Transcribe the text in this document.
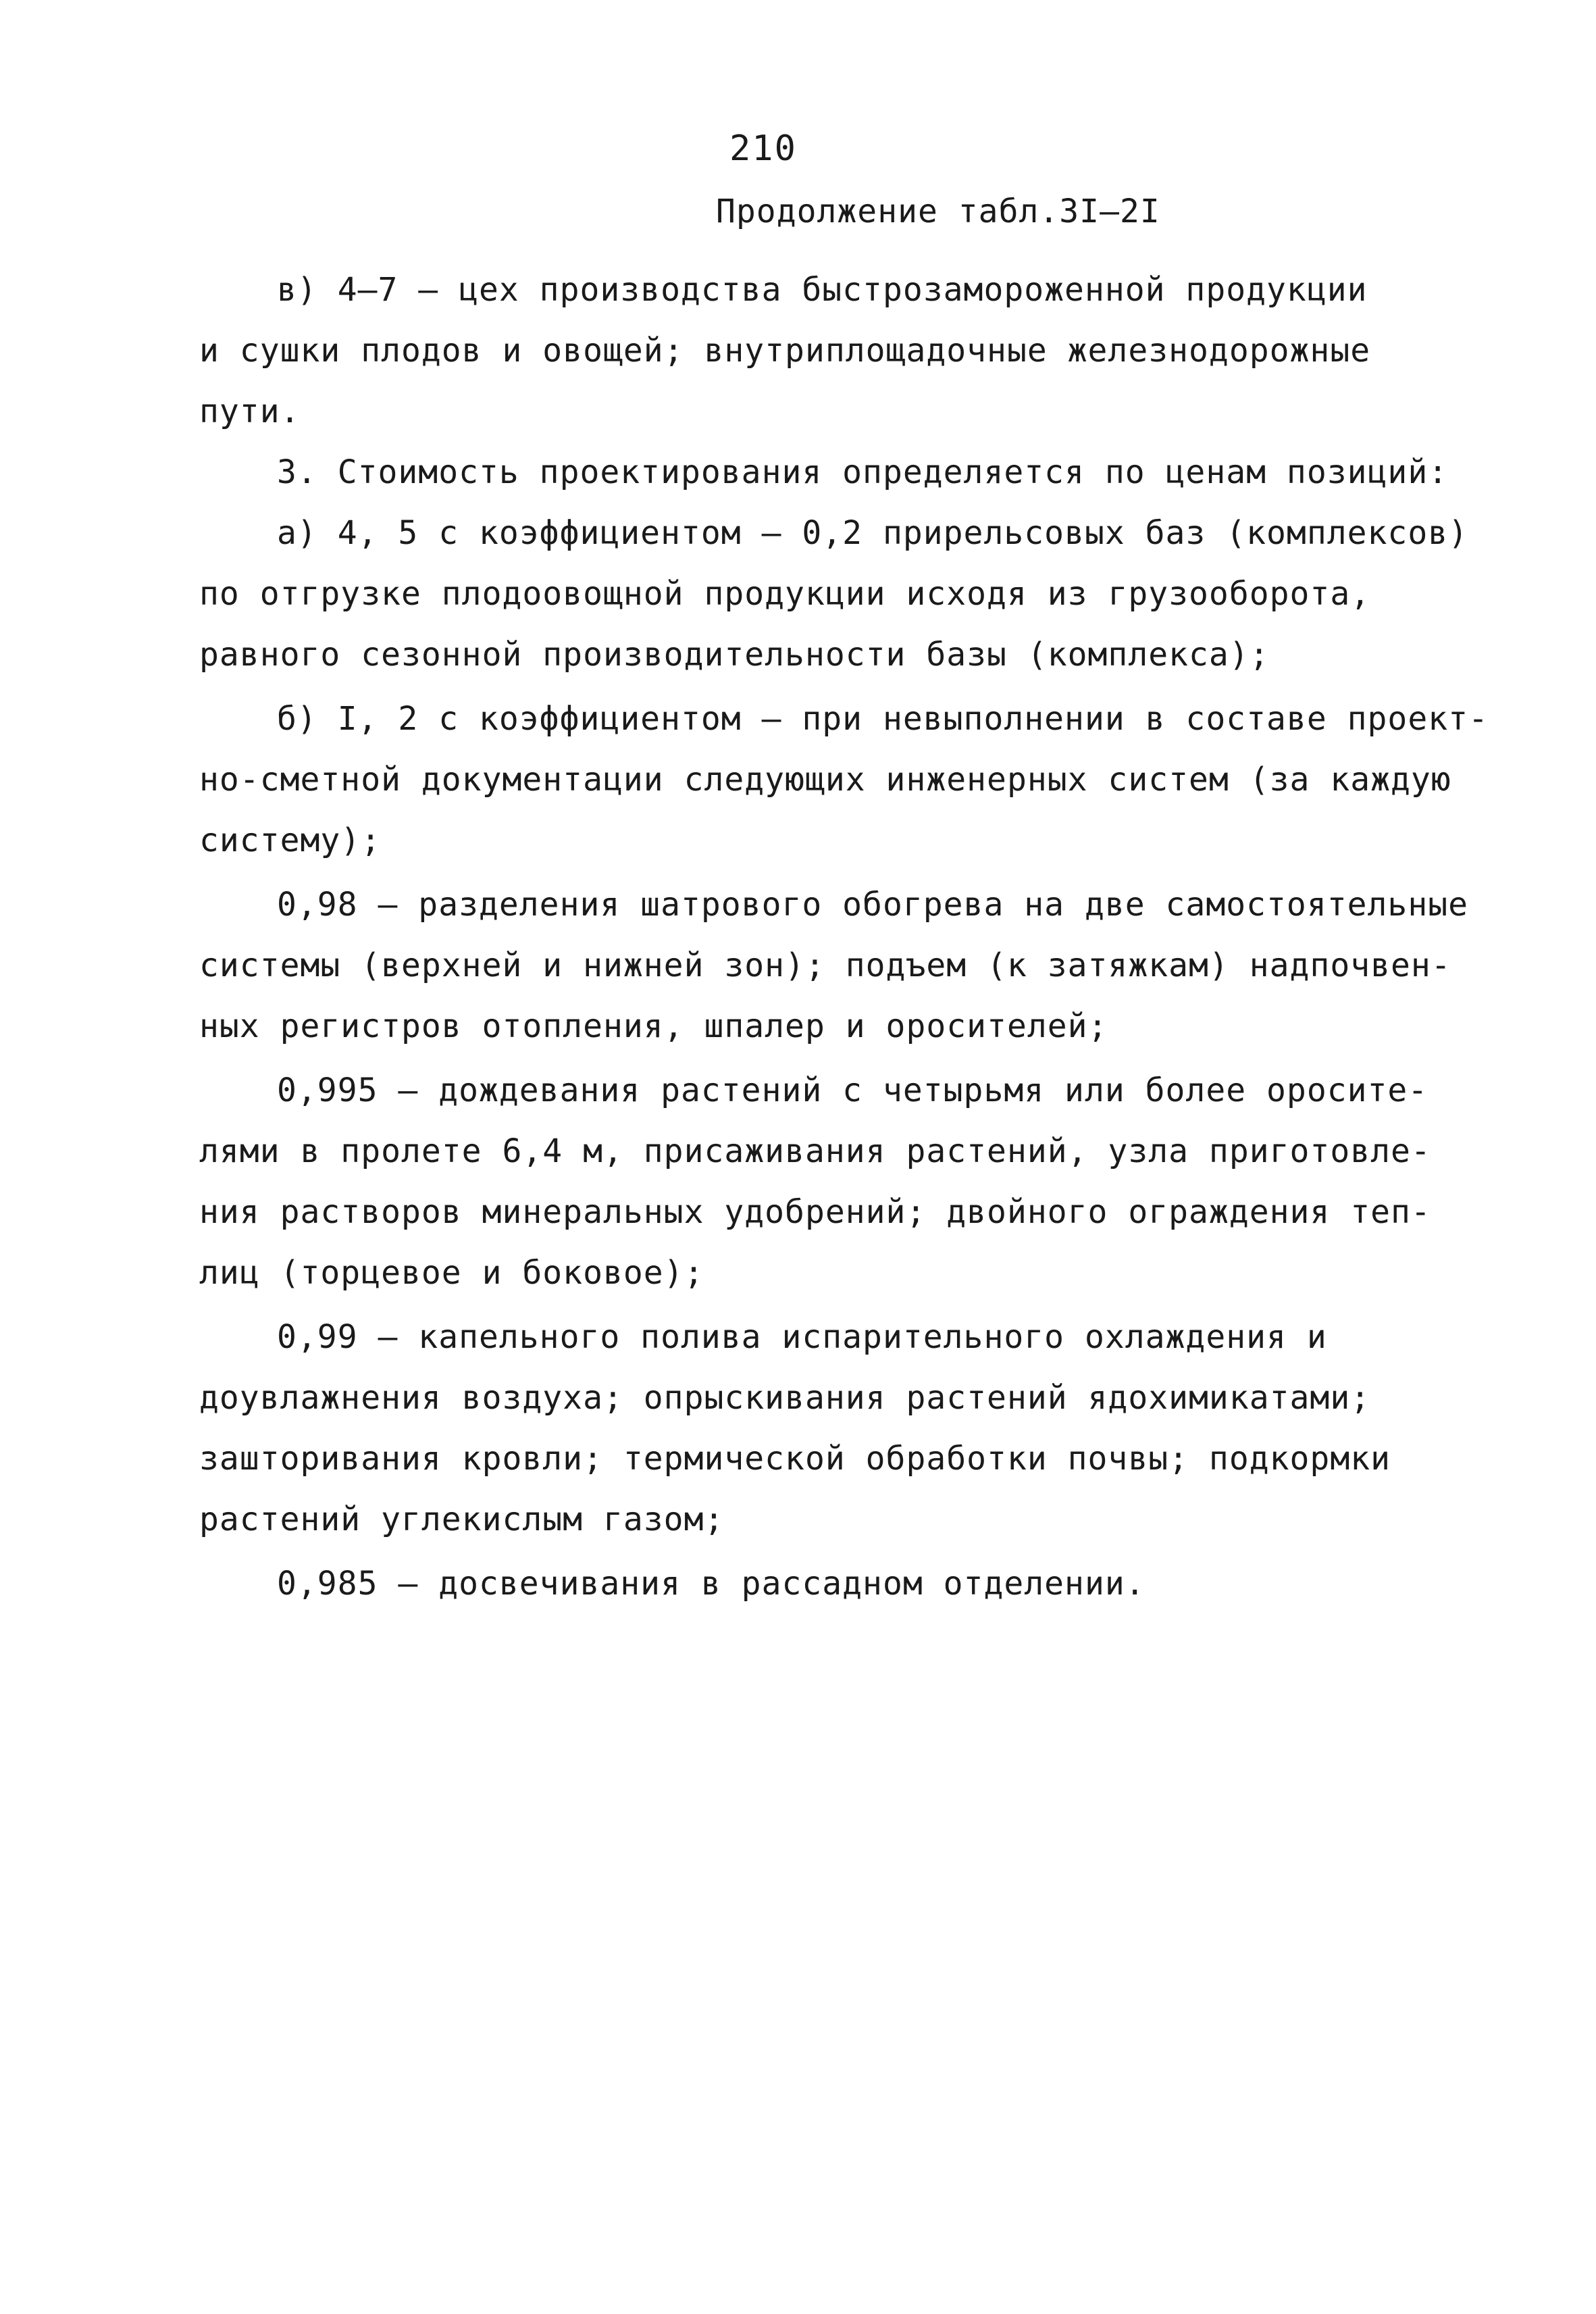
210
Продолжение табл.3I–2I
в) 4–7 – цех производства быстрозамороженной продукции
и сушки плодов и овощей; внутриплощадочные железнодорожные
пути.
3. Стоимость проектирования определяется по ценам позиций:
а) 4, 5 с коэффициентом – 0,2 прирельсовых баз (комплексов)
по отгрузке плодоовощной продукции исходя из грузооборота,
равного сезонной производительности базы (комплекса);
б) I, 2 с коэффициентом – при невыполнении в составе проект-
но-сметной документации следующих инженерных систем (за каждую
систему);
0,98 – разделения шатрового обогрева на две самостоятельные
системы (верхней и нижней зон); подъем (к затяжкам) надпочвен-
ных регистров отопления, шпалер и оросителей;
0,995 – дождевания растений с четырьмя или более оросите-
лями в пролете 6,4 м, присаживания растений, узла приготовле-
ния растворов минеральных удобрений; двойного ограждения теп-
лиц (торцевое и боковое);
0,99 – капельного полива испарительного охлаждения и
доувлажнения воздуха; опрыскивания растений ядохимикатами;
зашторивания кровли; термической обработки почвы; подкормки
растений углекислым газом;
0,985 – досвечивания в рассадном отделении.
